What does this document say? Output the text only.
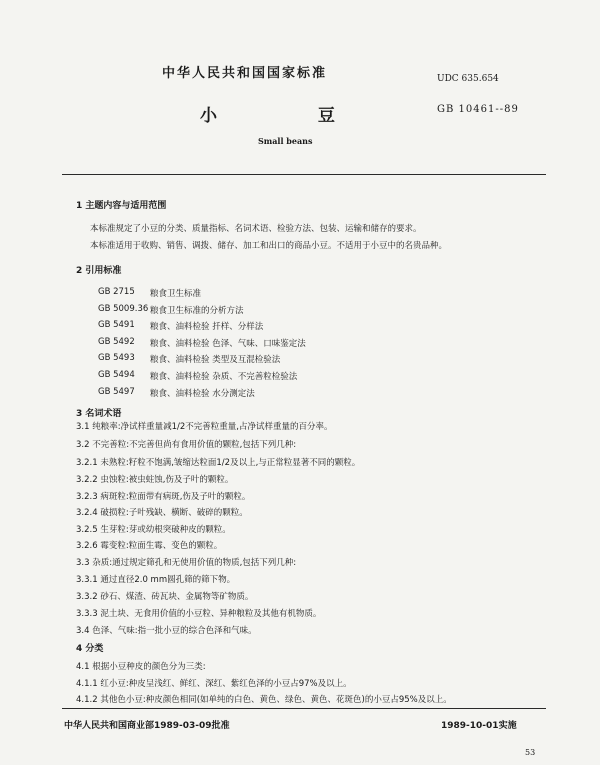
中华人民共和国国家标准	UDC 635.654
小 豆	GB 10461--89
Small beans
1 主题内容与适用范围
本标准规定了小豆的分类、质量指标、名词术语、检验方法、包装、运输和储存的要求。
本标准适用于收购、销售、调拨、储存、加工和出口的商品小豆。不适用于小豆中的名贵品种。
2 引用标准
GB 2715 粮食卫生标准
GB 5009.36 粮食卫生标准的分析方法
GB 5491 粮食、油料检验 扦样、分样法
GB 5492 粮食、油料检验 色泽、气味、口味鉴定法
GB 5493 粮食、油料检验 类型及互混检验法
GB 5494 粮食、油料检验 杂质、不完善粒检验法
GB 5497 粮食、油料检验 水分测定法
3 名词术语
3.1 纯粮率:净试样重量减1/2不完善粒重量,占净试样重量的百分率。
3.2 不完善粒:不完善但尚有食用价值的颗粒,包括下列几种:
3.2.1 未熟粒:籽粒不饱满,皱缩达粒面1/2及以上,与正常粒显著不同的颗粒。
3.2.2 虫蚀粒:被虫蛀蚀,伤及子叶的颗粒。
3.2.3 病斑粒:粒面带有病斑,伤及子叶的颗粒。
3.2.4 破损粒:子叶残缺、横断、破碎的颗粒。
3.2.5 生芽粒:芽或幼根突破种皮的颗粒。
3.2.6 霉变粒:粒面生霉、变色的颗粒。
3.3 杂质:通过规定筛孔和无使用价值的物质,包括下列几种:
3.3.1 通过直径2.0 mm圆孔筛的筛下物。
3.3.2 砂石、煤渣、砖瓦块、金属物等矿物质。
3.3.3 泥土块、无食用价值的小豆粒、异种粮粒及其他有机物质。
3.4 色泽、气味:指一批小豆的综合色泽和气味。
4 分类
4.1 根据小豆种皮的颜色分为三类:
4.1.1 红小豆:种皮呈浅红、鲜红、深红、紫红色泽的小豆占97%及以上。
4.1.2 其他色小豆:种皮颜色相同(如单纯的白色、黄色、绿色、黄色、花斑色)的小豆占95%及以上。
中华人民共和国商业部1989-03-09批准	1989-10-01实施
53
